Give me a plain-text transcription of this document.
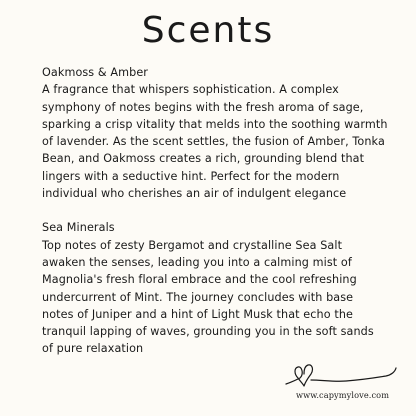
Scents

Oakmoss & Amber

A fragrance that whispers sophistication. A complex symphony of notes begins with the fresh aroma of sage, sparking a crisp vitality that melds into the soothing warmth of lavender. As the scent settles, the fusion of Amber, Tonka Bean, and Oakmoss creates a rich, grounding blend that lingers with a seductive hint. Perfect for the modern individual who cherishes an air of indulgent elegance

Sea Minerals

Top notes of zesty Bergamot and crystalline Sea Salt awaken the senses, leading you into a calming mist of Magnolia's fresh floral embrace and the cool refreshing undercurrent of Mint. The journey concludes with base notes of Juniper and a hint of Light Musk that echo the tranquil lapping of waves, grounding you in the soft sands of pure relaxation

www.capymylove.com
